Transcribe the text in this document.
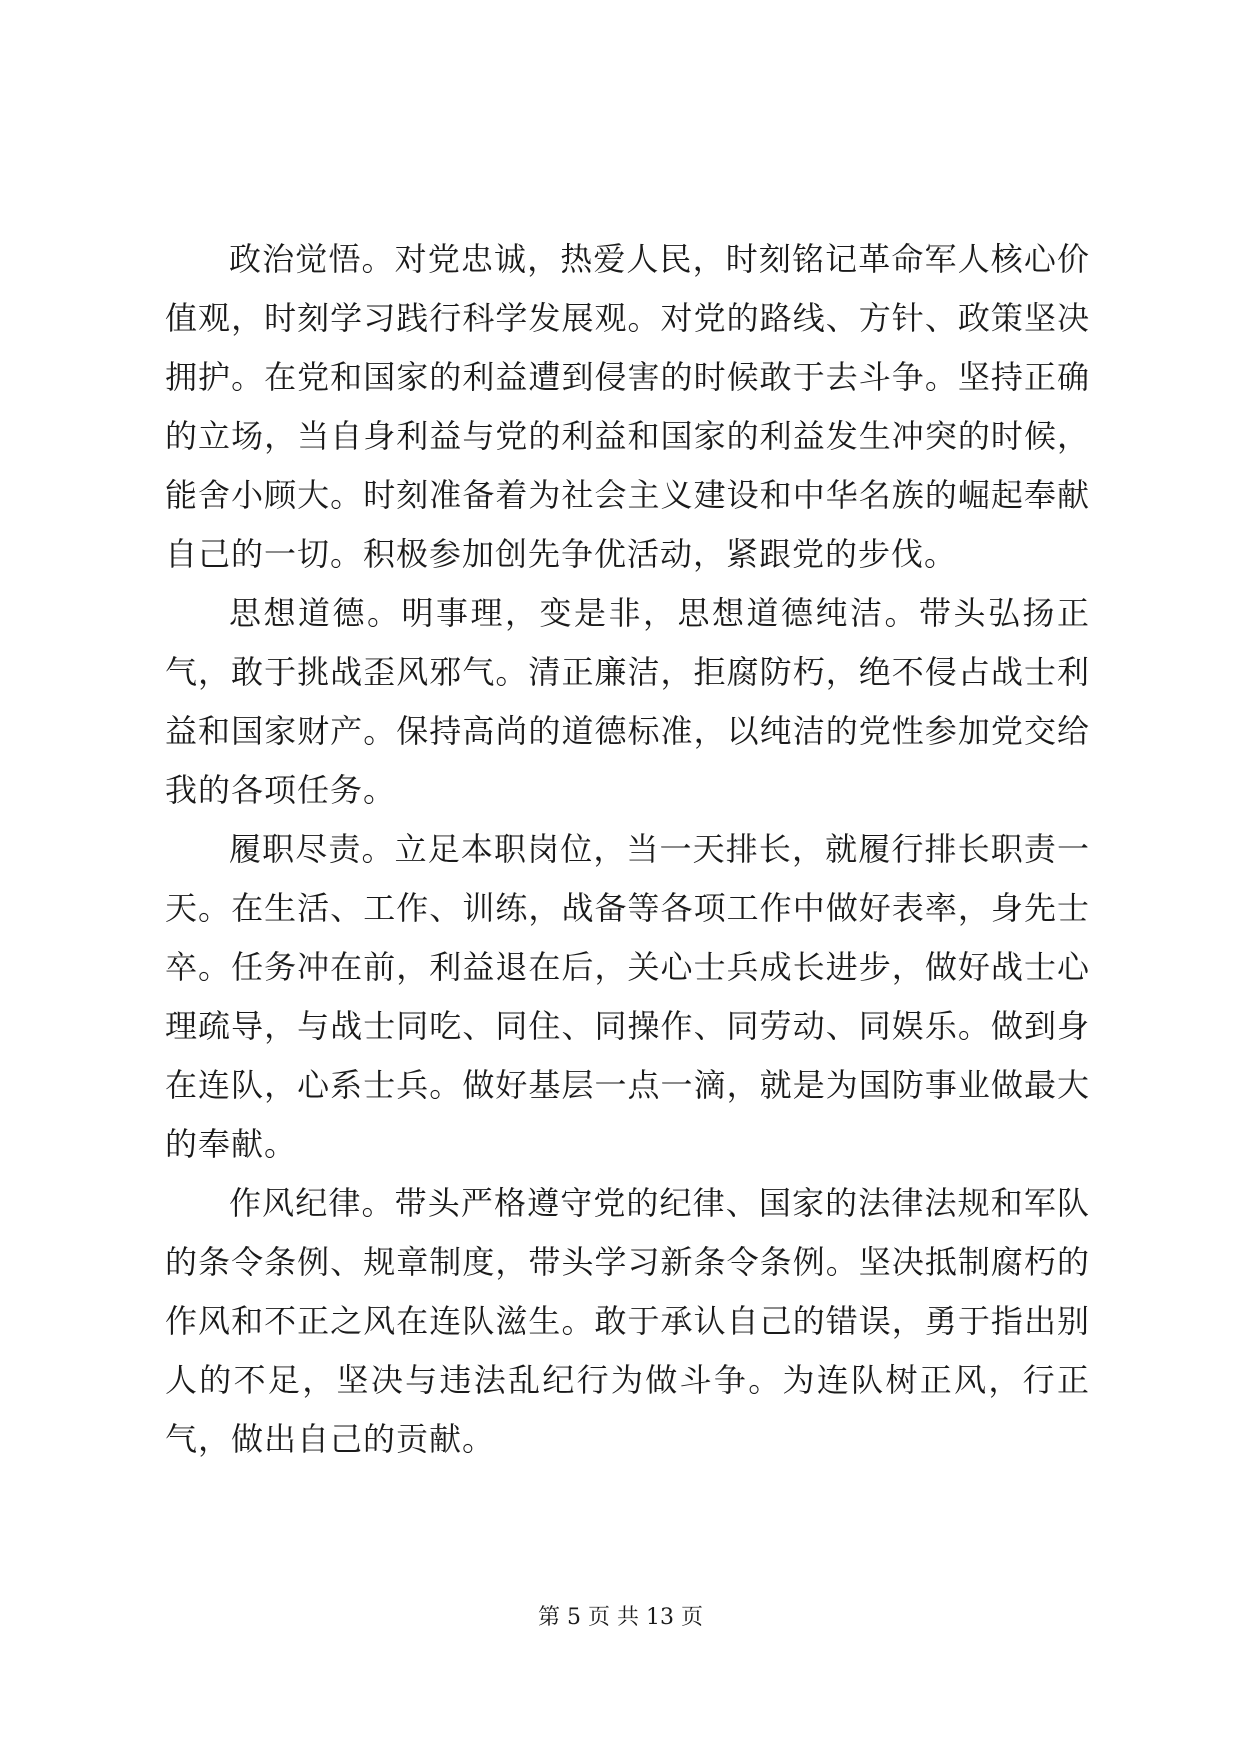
政治觉悟。对党忠诚，热爱人民，时刻铭记革命军人核心价值观，时刻学习践行科学发展观。对党的路线、方针、政策坚决拥护。在党和国家的利益遭到侵害的时候敢于去斗争。坚持正确的立场，当自身利益与党的利益和国家的利益发生冲突的时候，能舍小顾大。时刻准备着为社会主义建设和中华名族的崛起奉献自己的一切。积极参加创先争优活动，紧跟党的步伐。

思想道德。明事理，变是非，思想道德纯洁。带头弘扬正气，敢于挑战歪风邪气。清正廉洁，拒腐防朽，绝不侵占战士利益和国家财产。保持高尚的道德标准，以纯洁的党性参加党交给我的各项任务。

履职尽责。立足本职岗位，当一天排长，就履行排长职责一天。在生活、工作、训练，战备等各项工作中做好表率，身先士卒。任务冲在前，利益退在后，关心士兵成长进步，做好战士心理疏导，与战士同吃、同住、同操作、同劳动、同娱乐。做到身在连队，心系士兵。做好基层一点一滴，就是为国防事业做最大的奉献。

作风纪律。带头严格遵守党的纪律、国家的法律法规和军队的条令条例、规章制度，带头学习新条令条例。坚决抵制腐朽的作风和不正之风在连队滋生。敢于承认自己的错误，勇于指出别人的不足，坚决与违法乱纪行为做斗争。为连队树正风，行正气，做出自己的贡献。

第 5 页 共 13 页
